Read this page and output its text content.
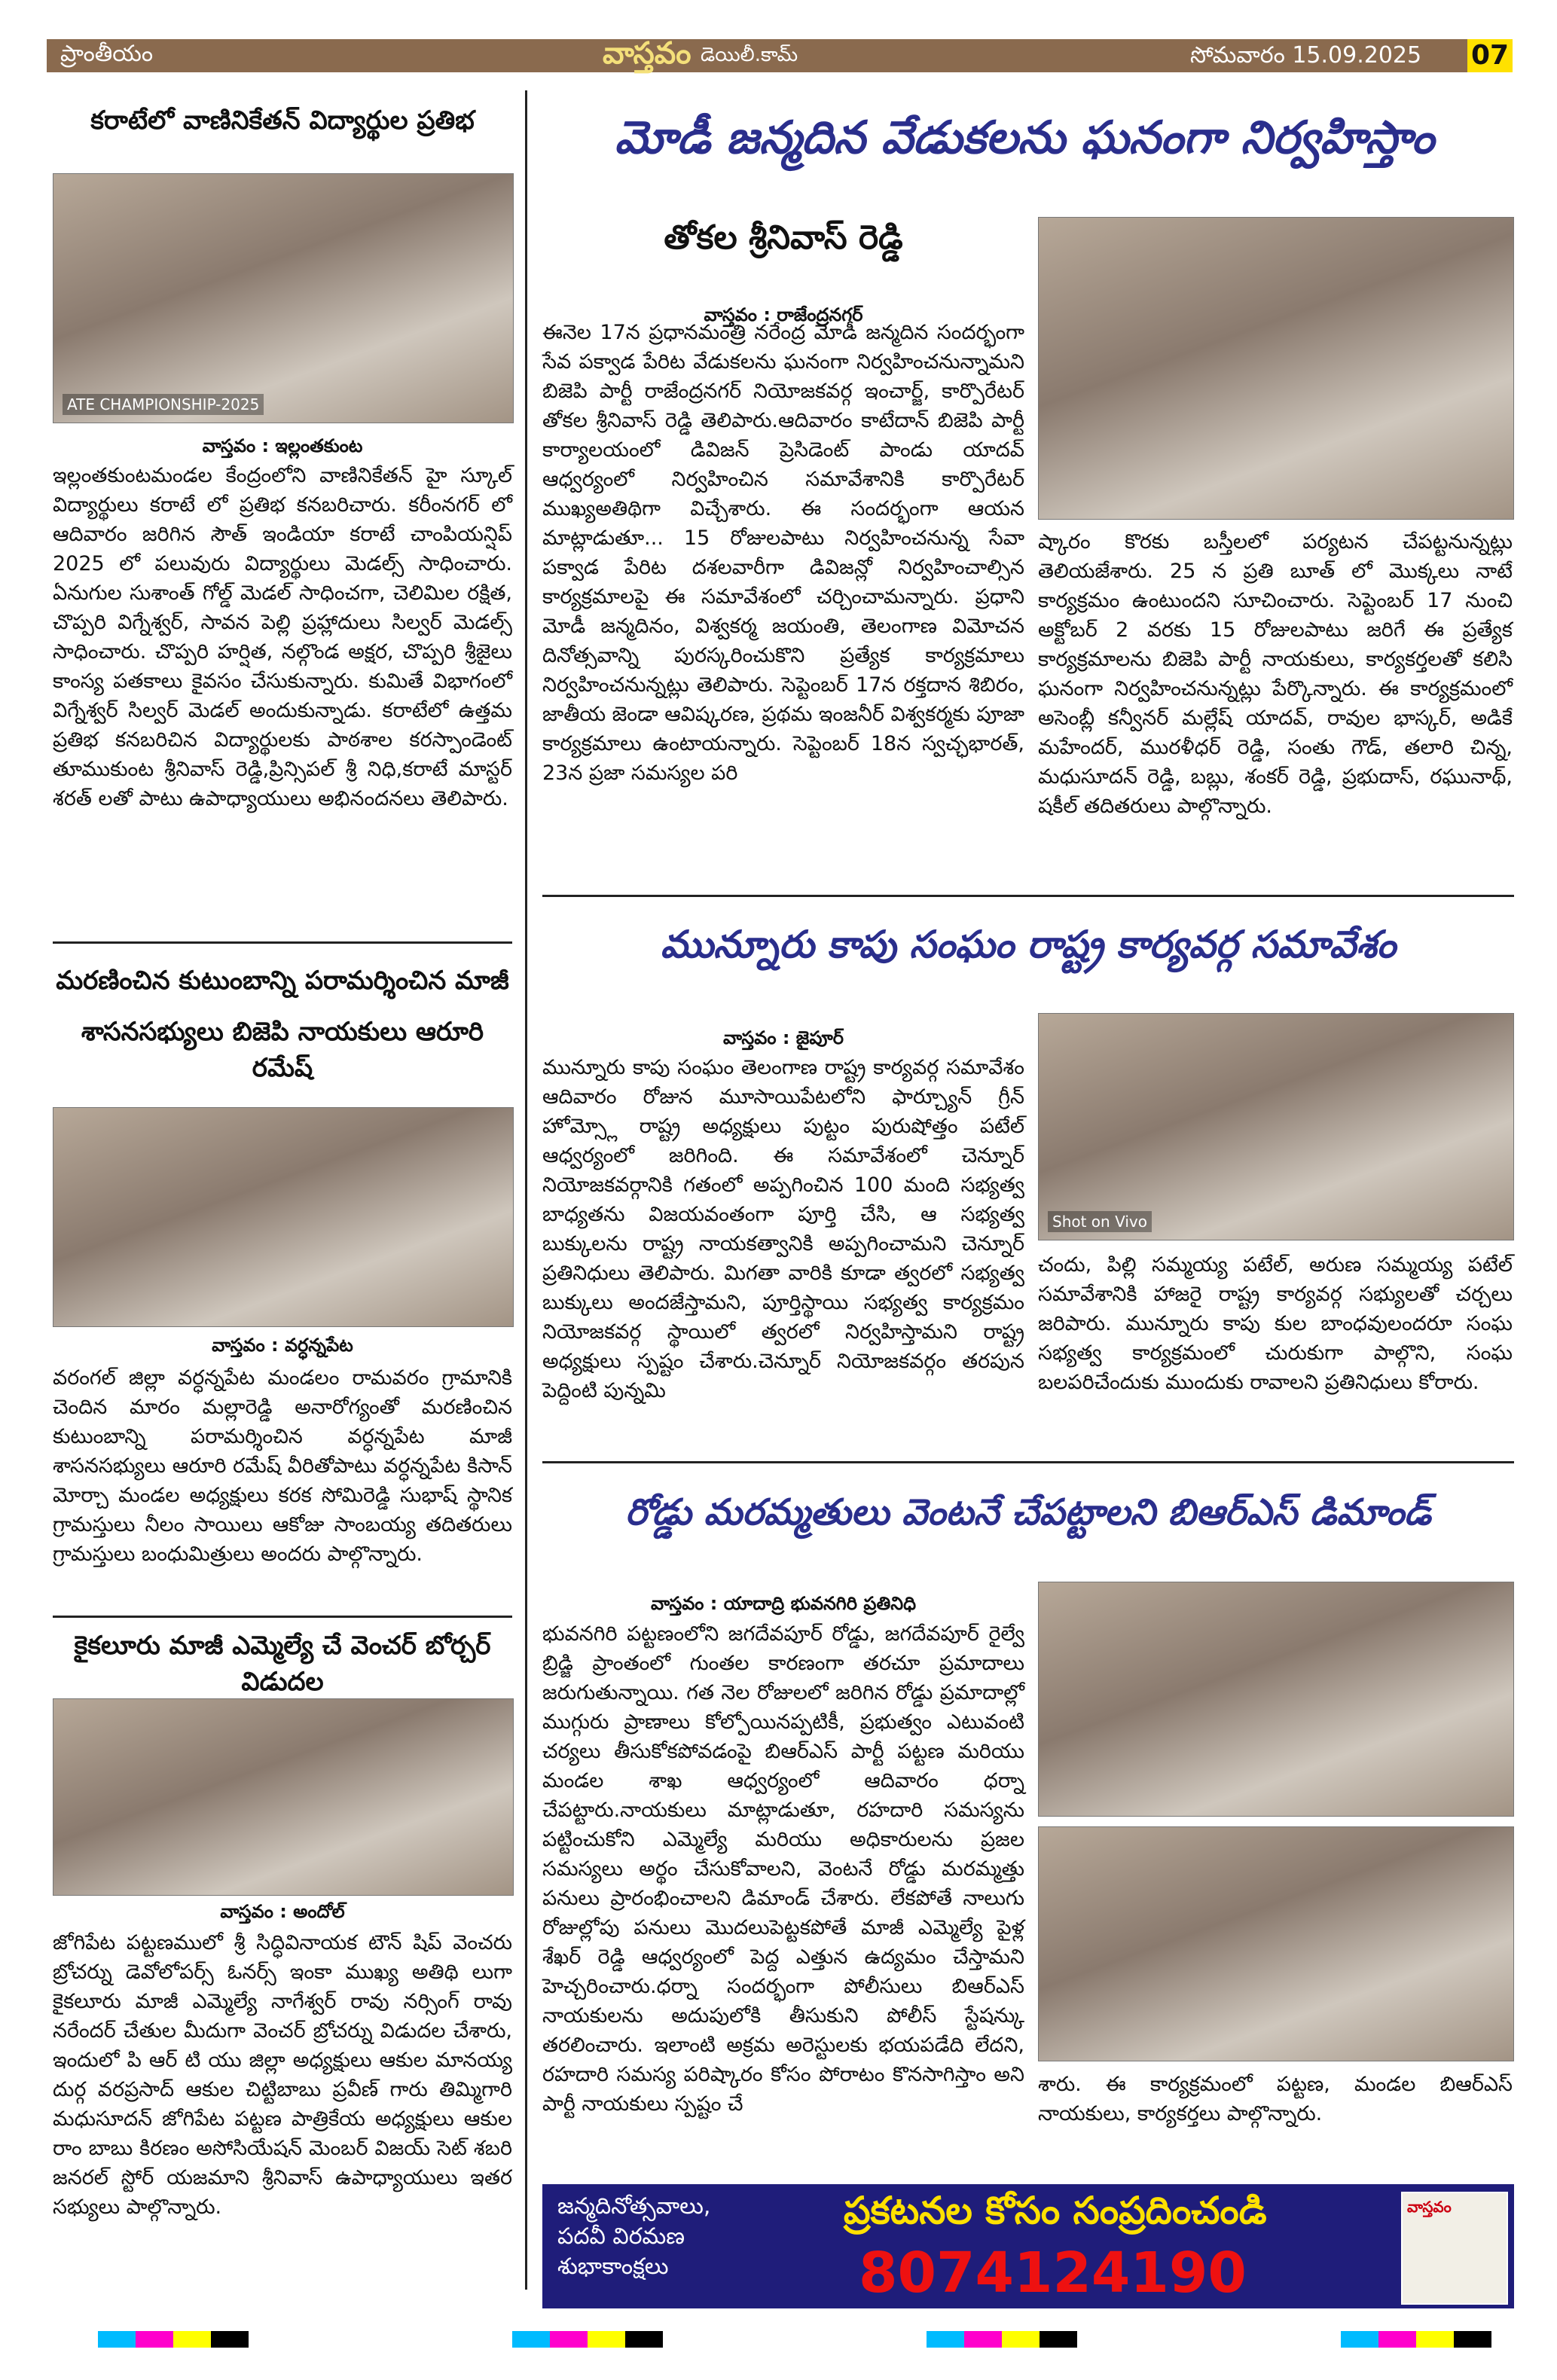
ప్రాంతీయం	వాస్తవం డెయిలీ.కామ్	సోమవారం 15.09.2025 07
కరాటేలో వాణినికేతన్ విద్యార్థుల ప్రతిభ
ATE CHAMPIONSHIP-2025
వాస్తవం : ఇల్లంతకుంట

ఇల్లంతకుంటమండల కేంద్రంలోని వాణినికేతన్ హై స్కూల్ విద్యార్థులు కరాటే లో ప్రతిభ కనబరిచారు. కరీంనగర్ లో ఆదివారం జరిగిన సౌత్ ఇండియా కరాటే చాంపియన్షిప్ 2025 లో పలువురు విద్యార్థులు మెడల్స్ సాధించారు. ఏనుగుల సుశాంత్ గోల్డ్ మెడల్ సాధించగా, చెలిమిల రక్షిత, చొప్పరి విగ్నేశ్వర్, సావన పెల్లి ప్రహ్లాదులు సిల్వర్ మెడల్స్ సాధించారు. చొప్పరి హర్షిత, నల్గొండ అక్షర, చొప్పరి శ్రీజైలు కాంస్య పతకాలు కైవసం చేసుకున్నారు. కుమితే విభాగంలో విగ్నేశ్వర్ సిల్వర్ మెడల్ అందుకున్నాడు. కరాటేలో ఉత్తమ ప్రతిభ కనబరిచిన విద్యార్థులకు పాఠశాల కరస్పాండెంట్ తూముకుంట శ్రీనివాస్ రెడ్డి,ప్రిన్సిపల్ శ్రీ నిధి,కరాటే మాస్టర్ శరత్ లతో పాటు ఉపాధ్యాయులు అభినందనలు తెలిపారు.

మరణించిన కుటుంబాన్ని పరామర్శించిన మాజీ
శాసనసభ్యులు బిజెపి నాయకులు ఆరూరి రమేష్
వాస్తవం : వర్ధన్నపేట

వరంగల్ జిల్లా వర్ధన్నపేట మండలం రామవరం గ్రామానికి చెందిన మారం మల్లారెడ్డి అనారోగ్యంతో మరణించిన కుటుంబాన్ని పరామర్శించిన వర్ధన్నపేట మాజీ శాసనసభ్యులు ఆరూరి రమేష్ వీరితోపాటు వర్ధన్నపేట కిసాన్ మోర్చా మండల అధ్యక్షులు కరక సోమిరెడ్డి సుభాష్ స్థానిక గ్రామస్తులు నీలం సాయిలు ఆకోజు సాంబయ్య తదితరులు గ్రామస్తులు బంధుమిత్రులు అందరు పాల్గొన్నారు.

కైకలూరు మాజీ ఎమ్మెల్యే చే వెంచర్ బోర్చర్ విడుదల
వాస్తవం : అందోల్

జోగిపేట పట్టణములో శ్రీ సిద్ధివినాయక టౌన్ షిప్ వెంచరు బ్రోచర్ను డెవోలోపర్స్ ఓనర్స్ ఇంకా ముఖ్య అతిథి లుగా కైకలూరు మాజీ ఎమ్మెల్యే నాగేశ్వర్ రావు నర్సింగ్ రావు నరేందర్ చేతుల మీదుగా వెంచర్ బ్రోచర్ను విడుదల చేశారు, ఇందులో పి ఆర్ టి యు జిల్లా అధ్యక్షులు ఆకుల మానయ్య దుర్గ వరప్రసాద్ ఆకుల చిట్టిబాబు ప్రవీణ్ గారు తిమ్మిగారి మధుసూదన్ జోగిపేట పట్టణ పాత్రికేయ అధ్యక్షులు ఆకుల రాం బాబు కిరణం అసోసియేషన్ మెంబర్ విజయ్ సెట్ శబరి జనరల్ స్టోర్ యజమాని శ్రీనివాస్ ఉపాధ్యాయులు ఇతర సభ్యులు పాల్గొన్నారు.

మోడీ జన్మదిన వేడుకలను ఘనంగా నిర్వహిస్తాం
తోకల శ్రీనివాస్ రెడ్డి
వాస్తవం : రాజేంద్రనగర్

ఈనెల 17న ప్రధానమంత్రి నరేంద్ర మోడీ జన్మదిన సందర్భంగా సేవ పక్వాడ పేరిట వేడుకలను ఘనంగా నిర్వహించనున్నామని బిజెపి పార్టీ రాజేంద్రనగర్ నియోజకవర్గ ఇంచార్జ్, కార్పొరేటర్ తోకల శ్రీనివాస్ రెడ్డి తెలిపారు.ఆదివారం కాటేదాన్ బిజెపి పార్టీ కార్యాలయంలో డివిజన్ ప్రెసిడెంట్ పాండు యాదవ్ ఆధ్వర్యంలో నిర్వహించిన సమావేశానికి కార్పొరేటర్ ముఖ్యఅతిథిగా విచ్చేశారు. ఈ సందర్భంగా ఆయన మాట్లాడుతూ... 15 రోజులపాటు నిర్వహించనున్న సేవా పక్వాడ పేరిట దశలవారీగా డివిజన్లో నిర్వహించాల్సిన కార్యక్రమాలపై ఈ సమావేశంలో చర్చించామన్నారు. ప్రధాని మోడీ జన్మదినం, విశ్వకర్మ జయంతి, తెలంగాణ విమోచన దినోత్సవాన్ని పురస్కరించుకొని ప్రత్యేక కార్యక్రమాలు నిర్వహించనున్నట్లు తెలిపారు. సెప్టెంబర్ 17న రక్తదాన శిబిరం, జాతీయ జెండా ఆవిష్కరణ, ప్రథమ ఇంజనీర్ విశ్వకర్మకు పూజా కార్యక్రమాలు ఉంటాయన్నారు. సెప్టెంబర్ 18న స్వచ్ఛభారత్, 23న ప్రజా సమస్యల పరి

ష్కారం కొరకు బస్తీలలో పర్యటన చేపట్టనున్నట్లు తెలియజేశారు. 25 న ప్రతి బూత్ లో మొక్కలు నాటే కార్యక్రమం ఉంటుందని సూచించారు. సెప్టెంబర్ 17 నుంచి అక్టోబర్ 2 వరకు 15 రోజులపాటు జరిగే ఈ ప్రత్యేక కార్యక్రమాలను బిజెపి పార్టీ నాయకులు, కార్యకర్తలతో కలిసి ఘనంగా నిర్వహించనున్నట్లు పేర్కొన్నారు. ఈ కార్యక్రమంలో అసెంబ్లీ కన్వీనర్ మల్లేష్ యాదవ్, రావుల భాస్కర్, అడికే మహేందర్, మురళీధర్ రెడ్డి, సంతు గౌడ్, తలారి చిన్న, మధుసూదన్ రెడ్డి, బబ్లు, శంకర్ రెడ్డి, ప్రభుదాస్, రఘునాథ్, షకీల్ తదితరులు పాల్గొన్నారు.

మున్నూరు కాపు సంఘం రాష్ట్ర కార్యవర్గ సమావేశం
వాస్తవం : జైపూర్

మున్నూరు కాపు సంఘం తెలంగాణ రాష్ట్ర కార్యవర్గ సమావేశం ఆదివారం రోజున మూసాయిపేటలోని ఫార్చ్యూన్ గ్రీన్ హోమ్స్లో రాష్ట్ర అధ్యక్షులు పుట్టం పురుషోత్తం పటేల్ ఆధ్వర్యంలో జరిగింది. ఈ సమావేశంలో చెన్నూర్ నియోజకవర్గానికి గతంలో అప్పగించిన 100 మంది సభ్యత్వ బాధ్యతను విజయవంతంగా పూర్తి చేసి, ఆ సభ్యత్వ బుక్కులను రాష్ట్ర నాయకత్వానికి అప్పగించామని చెన్నూర్ ప్రతినిధులు తెలిపారు. మిగతా వారికి కూడా త్వరలో సభ్యత్వ బుక్కులు అందజేస్తామని, పూర్తిస్థాయి సభ్యత్వ కార్యక్రమం నియోజకవర్గ స్థాయిలో త్వరలో నిర్వహిస్తామని రాష్ట్ర అధ్యక్షులు స్పష్టం చేశారు.చెన్నూర్ నియోజకవర్గం తరపున పెద్దింటి పున్నమి

Shot on Vivo

చందు, పిల్లి సమ్మయ్య పటేల్, అరుణ సమ్మయ్య పటేల్ సమావేశానికి హాజరై రాష్ట్ర కార్యవర్గ సభ్యులతో చర్చలు జరిపారు. మున్నూరు కాపు కుల బాంధవులందరూ సంఘ సభ్యత్వ కార్యక్రమంలో చురుకుగా పాల్గొని, సంఘ బలపరిచేందుకు ముందుకు రావాలని ప్రతినిధులు కోరారు.

రోడ్డు మరమ్మతులు వెంటనే చేపట్టాలని బిఆర్ఎస్ డిమాండ్
వాస్తవం : యాదాద్రి భువనగిరి ప్రతినిధి

భువనగిరి పట్టణంలోని జగదేవపూర్ రోడ్డు, జగదేవపూర్ రైల్వే బ్రిడ్జి ప్రాంతంలో గుంతల కారణంగా తరచూ ప్రమాదాలు జరుగుతున్నాయి. గత నెల రోజులలో జరిగిన రోడ్డు ప్రమాదాల్లో ముగ్గురు ప్రాణాలు కోల్పోయినప్పటికీ, ప్రభుత్వం ఎటువంటి చర్యలు తీసుకోకపోవడంపై బిఆర్ఎస్ పార్టీ పట్టణ మరియు మండల శాఖ ఆధ్వర్యంలో ఆదివారం ధర్నా చేపట్టారు.నాయకులు మాట్లాడుతూ, రహదారి సమస్యను పట్టించుకోని ఎమ్మెల్యే మరియు అధికారులను ప్రజల సమస్యలు అర్థం చేసుకోవాలని, వెంటనే రోడ్డు మరమ్మత్తు పనులు ప్రారంభించాలని డిమాండ్ చేశారు. లేకపోతే నాలుగు రోజుల్లోపు పనులు మొదలుపెట్టకపోతే మాజీ ఎమ్మెల్యే పైళ్ల శేఖర్ రెడ్డి ఆధ్వర్యంలో పెద్ద ఎత్తున ఉద్యమం చేస్తామని హెచ్చరించారు.ధర్నా సందర్భంగా పోలీసులు బిఆర్ఎస్ నాయకులను అదుపులోకి తీసుకుని పోలీస్ స్టేషన్కు తరలించారు. ఇలాంటి అక్రమ అరెస్టులకు భయపడేది లేదని, రహదారి సమస్య పరిష్కారం కోసం పోరాటం కొనసాగిస్తాం అని పార్టీ నాయకులు స్పష్టం చే

శారు. ఈ కార్యక్రమంలో పట్టణ, మండల బిఆర్ఎస్ నాయకులు, కార్యకర్తలు పాల్గొన్నారు.

జన్మదినోత్సవాలు,
పదవీ విరమణ
శుభాకాంక్షలు
ప్రకటనల కోసం సంప్రదించండి
8074124190
వాస్తవం
